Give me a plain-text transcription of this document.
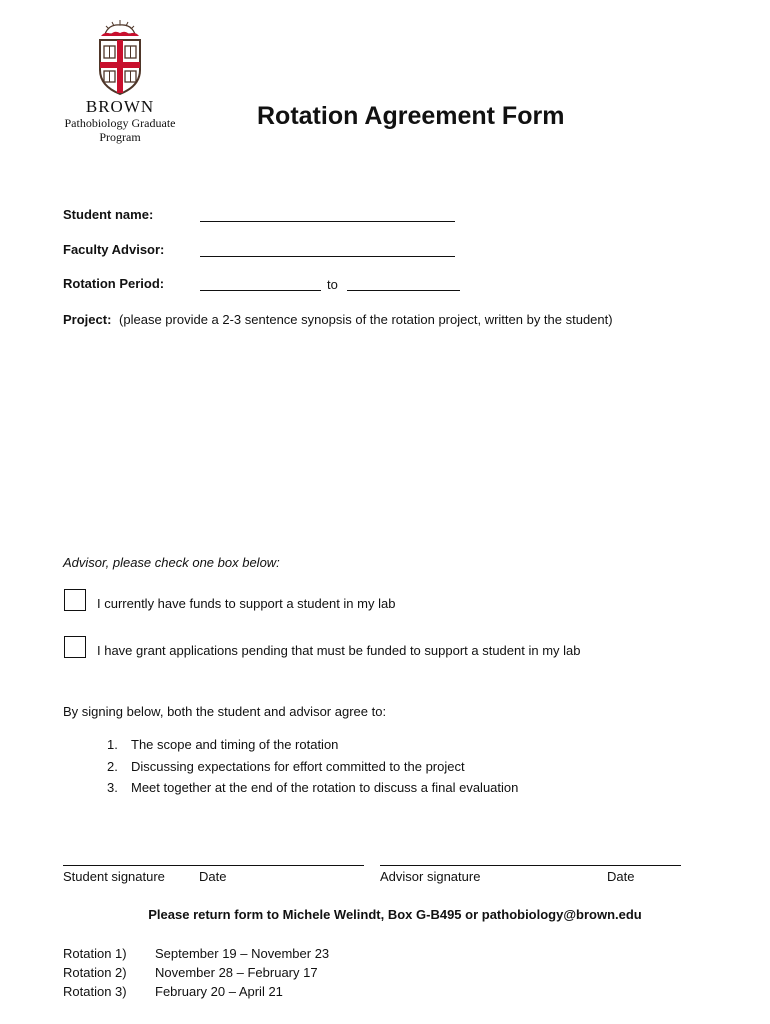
BROWN
Pathobiology Graduate
Program
Rotation Agreement Form
Student name:
Faculty Advisor:
Rotation Period:	to
Project: (please provide a 2-3 sentence synopsis of the rotation project, written by the student)
Advisor, please check one box below:
I currently have funds to support a student in my lab
I have grant applications pending that must be funded to support a student in my lab
By signing below, both the student and advisor agree to:
1. The scope and timing of the rotation
2. Discussing expectations for effort committed to the project
3. Meet together at the end of the rotation to discuss a final evaluation
Student signature	Date	Advisor signature	Date
Please return form to Michele Welindt, Box G-B495 or pathobiology@brown.edu
Rotation 1) September 19 – November 23
Rotation 2) November 28 – February 17
Rotation 3) February 20 – April 21
